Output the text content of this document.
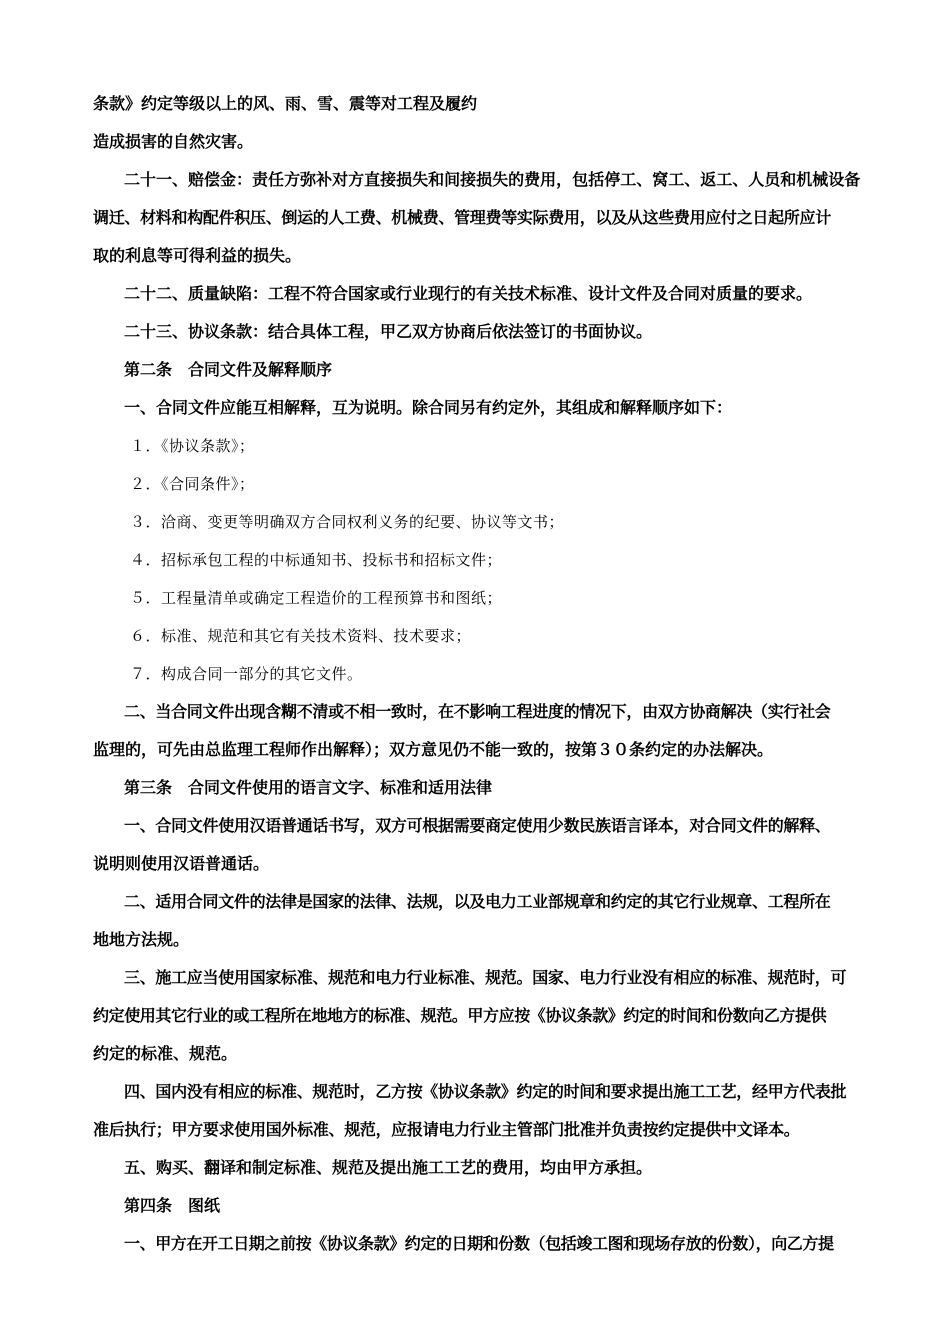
条款》约定等级以上的风、雨、雪、震等对工程及履约
造成损害的自然灾害。
二十一、赔偿金：责任方弥补对方直接损失和间接损失的费用，包括停工、窝工、返工、人员和机械设备
调迁、材料和构配件积压、倒运的人工费、机械费、管理费等实际费用，以及从这些费用应付之日起所应计
取的利息等可得利益的损失。
二十二、质量缺陷：工程不符合国家或行业现行的有关技术标准、设计文件及合同对质量的要求。
二十三、协议条款：结合具体工程，甲乙双方协商后依法签订的书面协议。
第二条　合同文件及解释顺序
一、合同文件应能互相解释，互为说明。除合同另有约定外，其组成和解释顺序如下：
１．《协议条款》；
２．《合同条件》；
３．洽商、变更等明确双方合同权利义务的纪要、协议等文书；
４．招标承包工程的中标通知书、投标书和招标文件；
５．工程量清单或确定工程造价的工程预算书和图纸；
６．标准、规范和其它有关技术资料、技术要求；
７．构成合同一部分的其它文件。
二、当合同文件出现含糊不清或不相一致时，在不影响工程进度的情况下，由双方协商解决（实行社会
监理的，可先由总监理工程师作出解释）；双方意见仍不能一致的，按第３０条约定的办法解决。
第三条　合同文件使用的语言文字、标准和适用法律
一、合同文件使用汉语普通话书写，双方可根据需要商定使用少数民族语言译本，对合同文件的解释、
说明则使用汉语普通话。
二、适用合同文件的法律是国家的法律、法规，以及电力工业部规章和约定的其它行业规章、工程所在
地地方法规。
三、施工应当使用国家标准、规范和电力行业标准、规范。国家、电力行业没有相应的标准、规范时，可
约定使用其它行业的或工程所在地地方的标准、规范。甲方应按《协议条款》约定的时间和份数向乙方提供
约定的标准、规范。
四、国内没有相应的标准、规范时，乙方按《协议条款》约定的时间和要求提出施工工艺，经甲方代表批
准后执行；甲方要求使用国外标准、规范，应报请电力行业主管部门批准并负责按约定提供中文译本。
五、购买、翻译和制定标准、规范及提出施工工艺的费用，均由甲方承担。
第四条　图纸
一、甲方在开工日期之前按《协议条款》约定的日期和份数（包括竣工图和现场存放的份数），向乙方提
